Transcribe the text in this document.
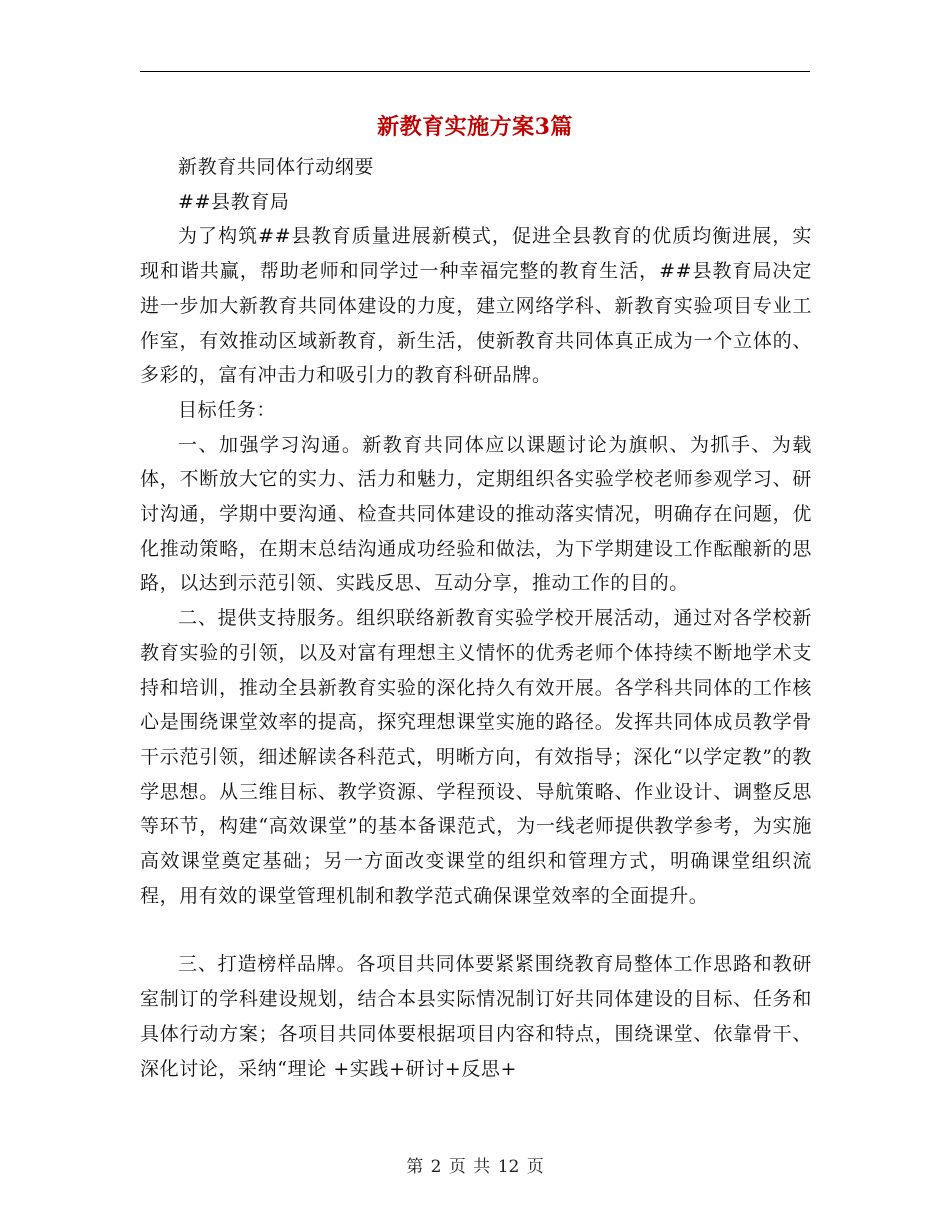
新教育实施方案3篇

新教育共同体行动纲要

##县教育局

为了构筑##县教育质量进展新模式，促进全县教育的优质均衡进展，实现和谐共赢，帮助老师和同学过一种幸福完整的教育生活，##县教育局决定进一步加大新教育共同体建设的力度，建立网络学科、新教育实验项目专业工作室，有效推动区域新教育，新生活，使新教育共同体真正成为一个立体的、多彩的，富有冲击力和吸引力的教育科研品牌。

目标任务：

一、加强学习沟通。新教育共同体应以课题讨论为旗帜、为抓手、为载体，不断放大它的实力、活力和魅力，定期组织各实验学校老师参观学习、研讨沟通，学期中要沟通、检查共同体建设的推动落实情况，明确存在问题，优化推动策略，在期末总结沟通成功经验和做法，为下学期建设工作酝酿新的思路，以达到示范引领、实践反思、互动分享，推动工作的目的。

二、提供支持服务。组织联络新教育实验学校开展活动，通过对各学校新教育实验的引领，以及对富有理想主义情怀的优秀老师个体持续不断地学术支持和培训，推动全县新教育实验的深化持久有效开展。各学科共同体的工作核心是围绕课堂效率的提高，探究理想课堂实施的路径。发挥共同体成员教学骨干示范引领，细述解读各科范式，明晰方向，有效指导；深化“以学定教”的教学思想。从三维目标、教学资源、学程预设、导航策略、作业设计、调整反思等环节，构建“高效课堂”的基本备课范式，为一线老师提供教学参考，为实施高效课堂奠定基础；另一方面改变课堂的组织和管理方式，明确课堂组织流程，用有效的课堂管理机制和教学范式确保课堂效率的全面提升。

三、打造榜样品牌。各项目共同体要紧紧围绕教育局整体工作思路和教研室制订的学科建设规划，结合本县实际情况制订好共同体建设的目标、任务和具体行动方案；各项目共同体要根据项目内容和特点，围绕课堂、依靠骨干、深化讨论，采纳“理论 +实践+研讨+反思+

第 2 页 共 12 页
